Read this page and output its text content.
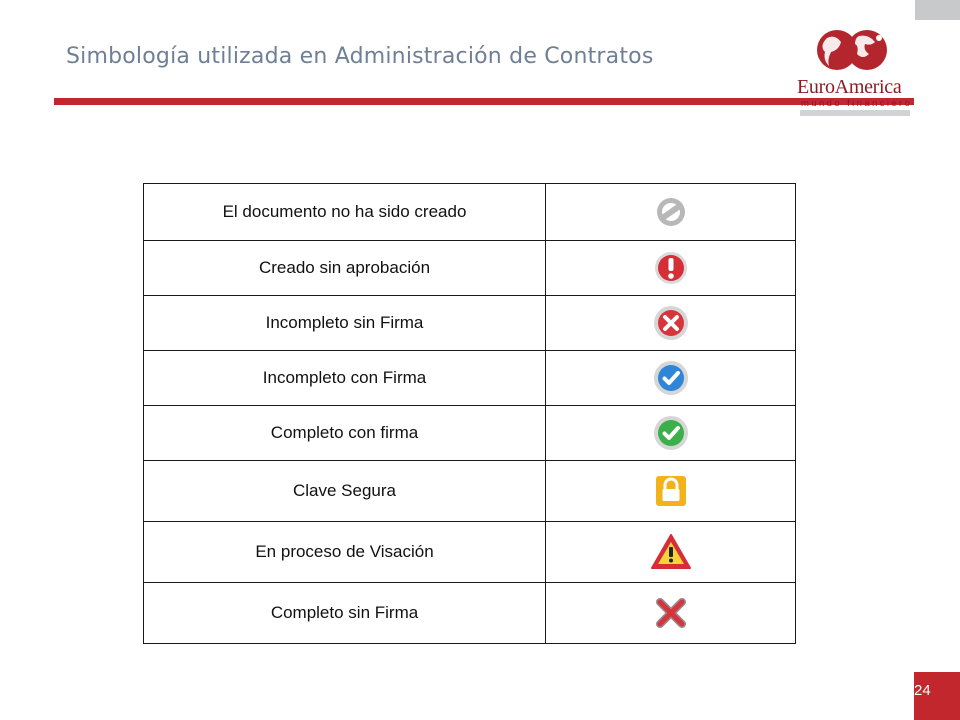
Simbología utilizada en Administración de Contratos
EuroAmerica
mundo financiero
El documento no ha sido creado	

Creado sin aprobación	

Incompleto sin Firma	

Incompleto con Firma	

Completo con firma	

Clave Segura	

En proceso de Visación	

Completo sin Firma	
24
